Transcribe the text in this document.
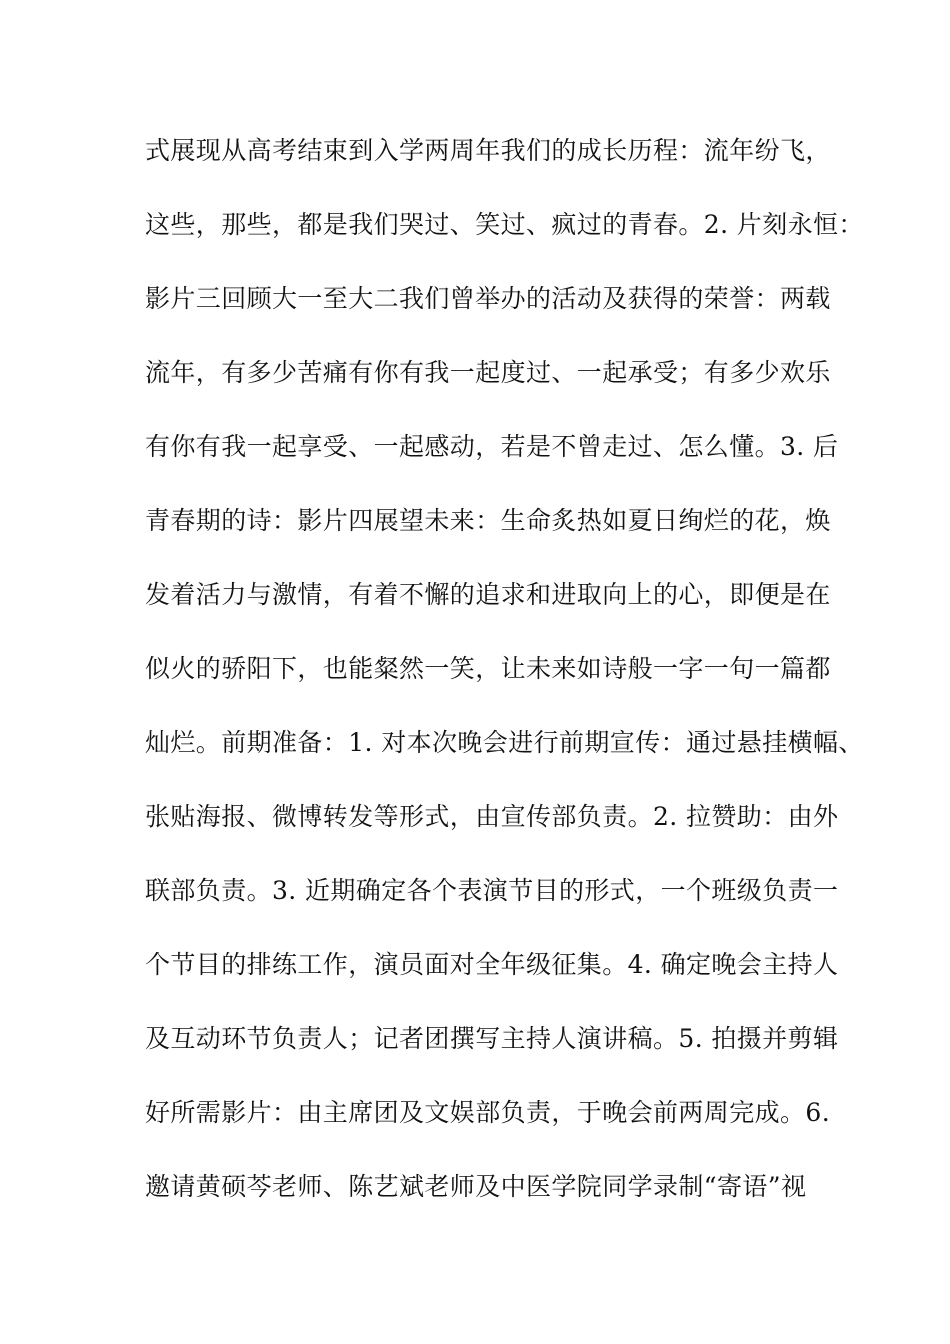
式展现从高考结束到入学两周年我们的成长历程：流年纷飞，
这些，那些，都是我们哭过、笑过、疯过的青春。2. 片刻永恒：
影片三回顾大一至大二我们曾举办的活动及获得的荣誉：两载
流年，有多少苦痛有你有我一起度过、一起承受；有多少欢乐
有你有我一起享受、一起感动，若是不曾走过、怎么懂。3. 后
青春期的诗：影片四展望未来：生命炙热如夏日绚烂的花，焕
发着活力与激情，有着不懈的追求和进取向上的心，即便是在
似火的骄阳下，也能粲然一笑，让未来如诗般一字一句一篇都
灿烂。前期准备：1. 对本次晚会进行前期宣传：通过悬挂横幅、
张贴海报、微博转发等形式，由宣传部负责。2. 拉赞助：由外
联部负责。3. 近期确定各个表演节目的形式，一个班级负责一
个节目的排练工作，演员面对全年级征集。4. 确定晚会主持人
及互动环节负责人；记者团撰写主持人演讲稿。5. 拍摄并剪辑
好所需影片：由主席团及文娱部负责，于晚会前两周完成。6.
邀请黄硕芩老师、陈艺斌老师及中医学院同学录制“寄语”视
